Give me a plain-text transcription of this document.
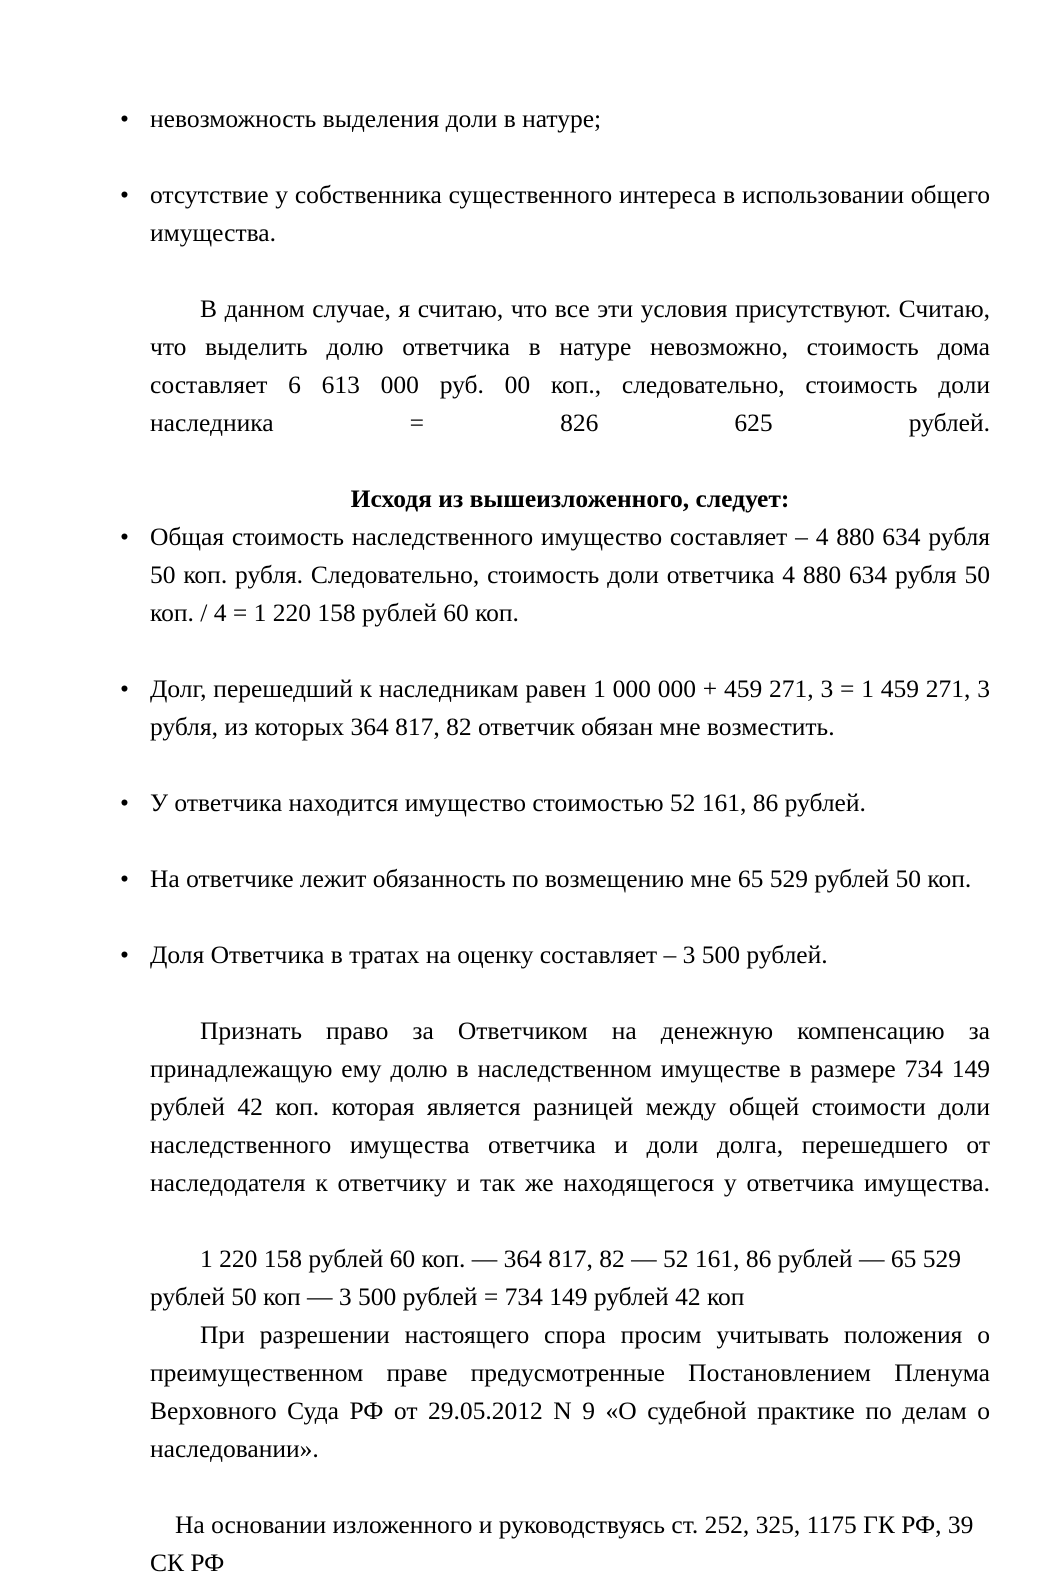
• невозможность выделения доли в натуре;
• отсутствие у собственника существенного интереса в использовании общего имущества.

В данном случае, я считаю, что все эти условия присутствуют. Считаю, что выделить долю ответчика в натуре невозможно, стоимость дома составляет 6 613 000 руб. 00 коп., следовательно, стоимость доли наследника = 826 625 рублей.

Исходя из вышеизложенного, следует:

• Общая стоимость наследственного имущество составляет – 4 880 634 рубля 50 коп. рубля. Следовательно, стоимость доли ответчика 4 880 634 рубля 50 коп. / 4 = 1 220 158 рублей 60 коп.
• Долг, перешедший к наследникам равен 1 000 000 + 459 271, 3 = 1 459 271, 3 рубля, из которых 364 817, 82 ответчик обязан мне возместить.
• У ответчика находится имущество стоимостью 52 161, 86 рублей.
• На ответчике лежит обязанность по возмещению мне 65 529 рублей 50 коп.
• Доля Ответчика в тратах на оценку составляет – 3 500 рублей.

Признать право за Ответчиком на денежную компенсацию за принадлежащую ему долю в наследственном имуществе в размере 734 149 рублей 42 коп. которая является разницей между общей стоимости доли наследственного имущества ответчика и доли долга, перешедшего от наследодателя к ответчику и так же находящегося у ответчика имущества.

1 220 158 рублей 60 коп. — 364 817, 82 — 52 161, 86 рублей — 65 529 рублей 50 коп — 3 500 рублей = 734 149 рублей 42 коп

При разрешении настоящего спора просим учитывать положения о преимущественном праве предусмотренные Постановлением Пленума Верховного Суда РФ от 29.05.2012 N 9 «О судебной практике по делам о наследовании».

На основании изложенного и руководствуясь ст. 252, 325, 1175 ГК РФ, 39 СК РФ
